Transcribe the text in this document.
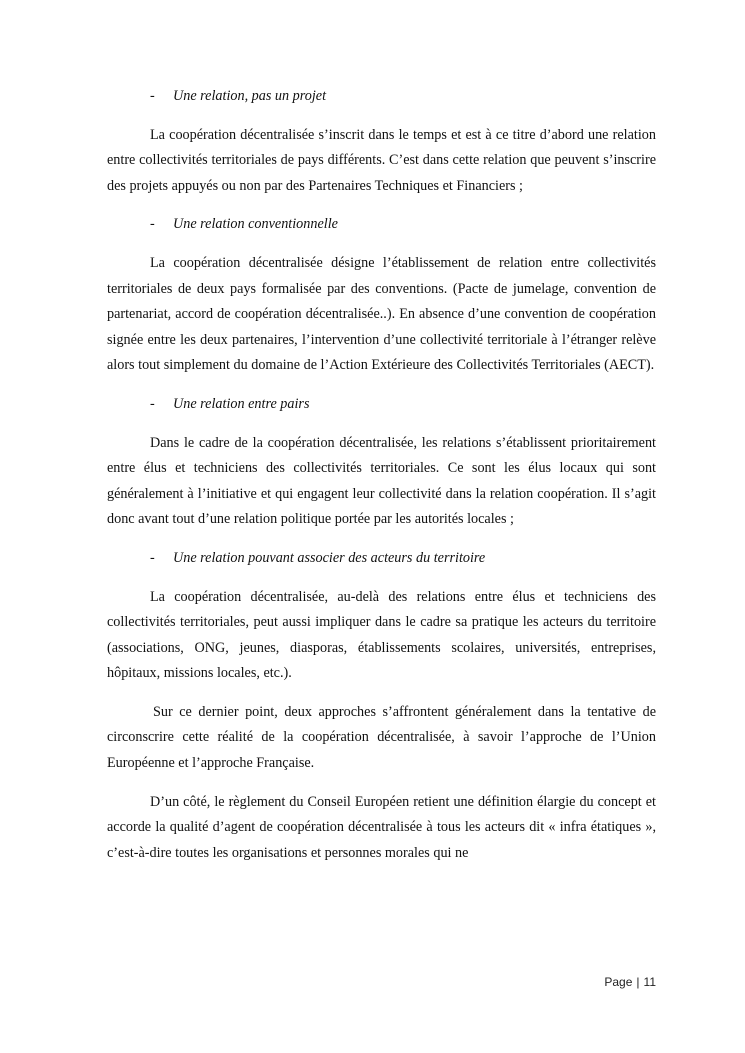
- Une relation, pas un projet

La coopération décentralisée s’inscrit dans le temps et est à ce titre d’abord une relation entre collectivités territoriales de pays différents. C’est dans cette relation que peuvent s’inscrire des projets appuyés ou non par des Partenaires Techniques et Financiers ;

- Une relation conventionnelle

La coopération décentralisée désigne l’établissement de relation entre collectivités territoriales de deux pays formalisée par des conventions. (Pacte de jumelage, convention de partenariat, accord de coopération décentralisée..). En absence d’une convention de coopération signée entre les deux partenaires, l’intervention d’une collectivité territoriale à l’étranger relève alors tout simplement du domaine de l’Action Extérieure des Collectivités Territoriales (AECT).

- Une relation entre pairs

Dans le cadre de la coopération décentralisée, les relations s’établissent prioritairement entre élus et techniciens des collectivités territoriales. Ce sont les élus locaux qui sont généralement à l’initiative et qui engagent leur collectivité dans la relation coopération. Il s’agit donc avant tout d’une relation politique portée par les autorités locales ;

- Une relation pouvant associer des acteurs du territoire

La coopération décentralisée, au-delà des relations entre élus et techniciens des collectivités territoriales, peut aussi impliquer dans le cadre sa pratique les acteurs du territoire (associations, ONG, jeunes, diasporas, établissements scolaires, universités, entreprises, hôpitaux, missions locales, etc.).

Sur ce dernier point, deux approches s’affrontent généralement dans la tentative de circonscrire cette réalité de la coopération décentralisée, à savoir l’approche de l’Union Européenne et l’approche Française.

D’un côté, le règlement du Conseil Européen retient une définition élargie du concept et accorde la qualité d’agent de coopération décentralisée à tous les acteurs dit « infra étatiques », c’est-à-dire toutes les organisations et personnes morales qui ne

Page | 11
